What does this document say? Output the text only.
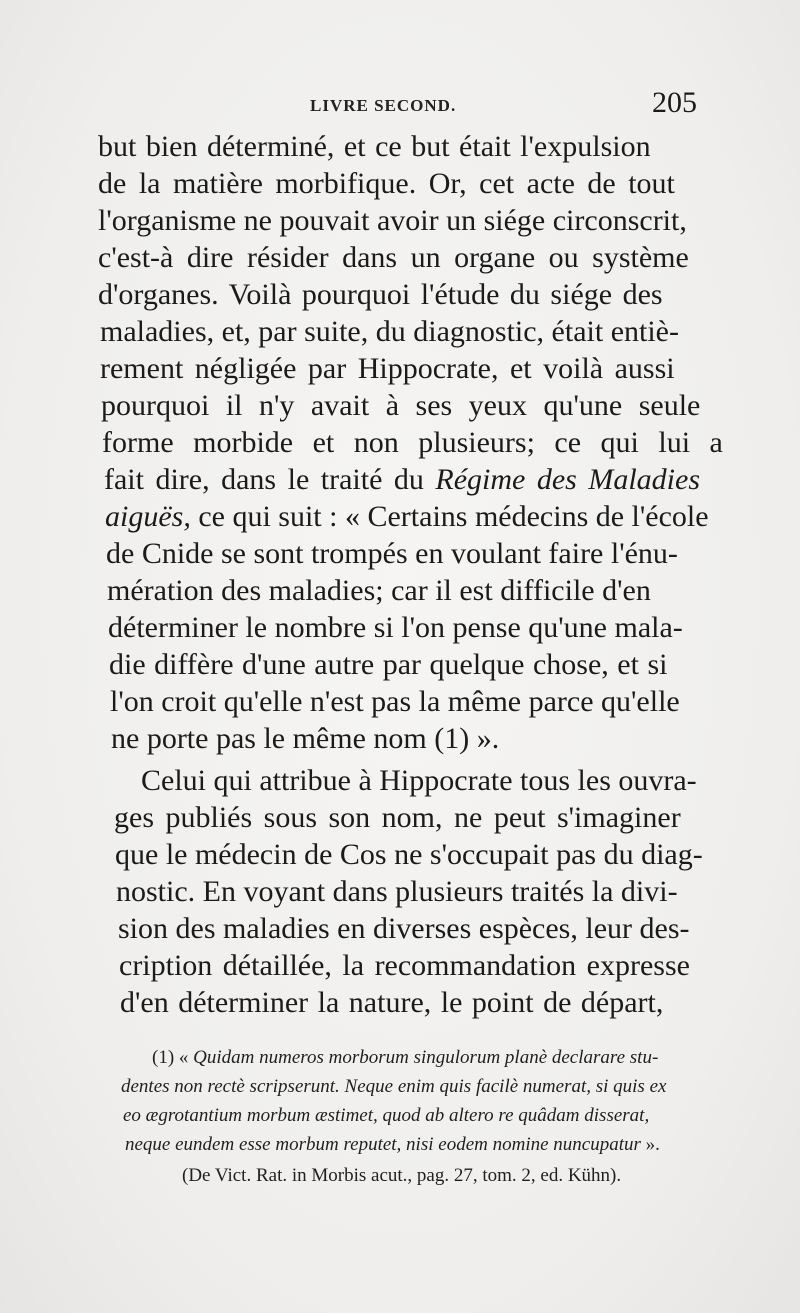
LIVRE SECOND.	205
but bien déterminé, et ce but était l'expulsion
de la matière morbifique. Or, cet acte de tout
l'organisme ne pouvait avoir un siége circonscrit,
c'est-à dire résider dans un organe ou système
d'organes. Voilà pourquoi l'étude du siége des
maladies, et, par suite, du diagnostic, était entiè-
rement négligée par Hippocrate, et voilà aussi
pourquoi il n'y avait à ses yeux qu'une seule
forme morbide et non plusieurs; ce qui lui a
fait dire, dans le traité du Régime des Maladies
aiguës, ce qui suit : « Certains médecins de l'école
de Cnide se sont trompés en voulant faire l'énu-
mération des maladies; car il est difficile d'en
déterminer le nombre si l'on pense qu'une mala-
die diffère d'une autre par quelque chose, et si
l'on croit qu'elle n'est pas la même parce qu'elle
ne porte pas le même nom (1) ».
Celui qui attribue à Hippocrate tous les ouvra-
ges publiés sous son nom, ne peut s'imaginer
que le médecin de Cos ne s'occupait pas du diag-
nostic. En voyant dans plusieurs traités la divi-
sion des maladies en diverses espèces, leur des-
cription détaillée, la recommandation expresse
d'en déterminer la nature, le point de départ,
(1) « Quidam numeros morborum singulorum planè declarare stu-
dentes non rectè scripserunt. Neque enim quis facilè numerat, si quis ex
eo ægrotantium morbum æstimet, quod ab altero re quâdam disserat,
neque eundem esse morbum reputet, nisi eodem nomine nuncupatur ».
(De Vict. Rat. in Morbis acut., pag. 27, tom. 2, ed. Kühn).
